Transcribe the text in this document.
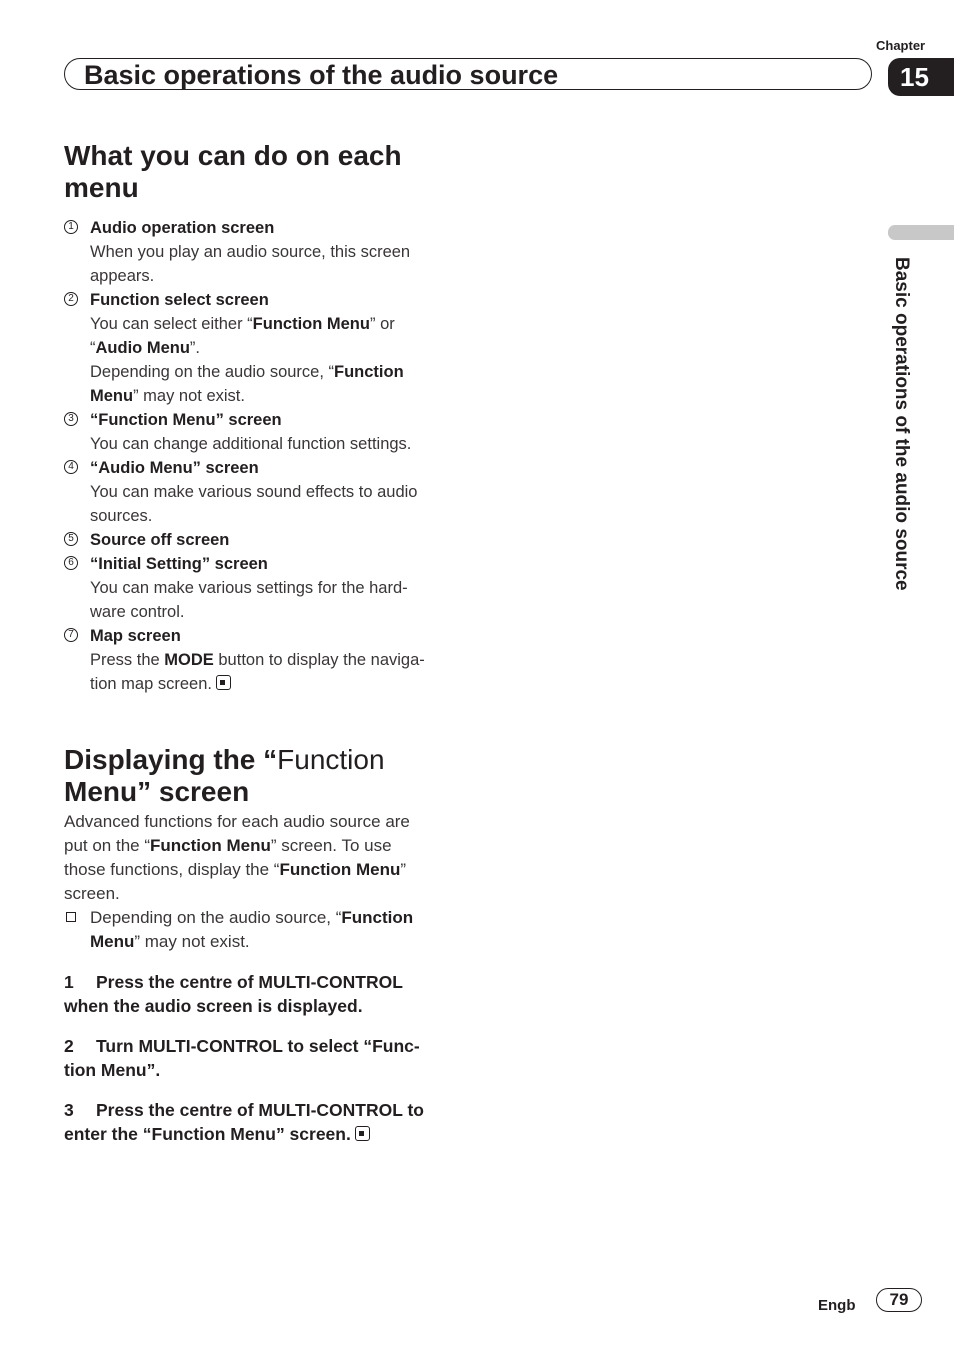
Chapter
Basic operations of the audio source	15
Basic operations of the audio source
What you can do on each
menu
1 Audio operation screen
When you play an audio source, this screen
appears.
2 Function select screen
You can select either “Function Menu” or
“Audio Menu”.
Depending on the audio source, “Function
Menu” may not exist.
3 “Function Menu” screen
You can change additional function settings.
4 “Audio Menu” screen
You can make various sound effects to audio
sources.
5 Source off screen
6 “Initial Setting” screen
You can make various settings for the hard-
ware control.
7 Map screen
Press the MODE button to display the naviga-
tion map screen.
Displaying the “Function
Menu” screen
Advanced functions for each audio source are
put on the “Function Menu” screen. To use
those functions, display the “Function Menu”
screen.
Depending on the audio source, “Function
Menu” may not exist.
1 Press the centre of MULTI-CONTROL
when the audio screen is displayed.
2 Turn MULTI-CONTROL to select “Func-
tion Menu”.
3 Press the centre of MULTI-CONTROL to
enter the “Function Menu” screen.
Engb	79
